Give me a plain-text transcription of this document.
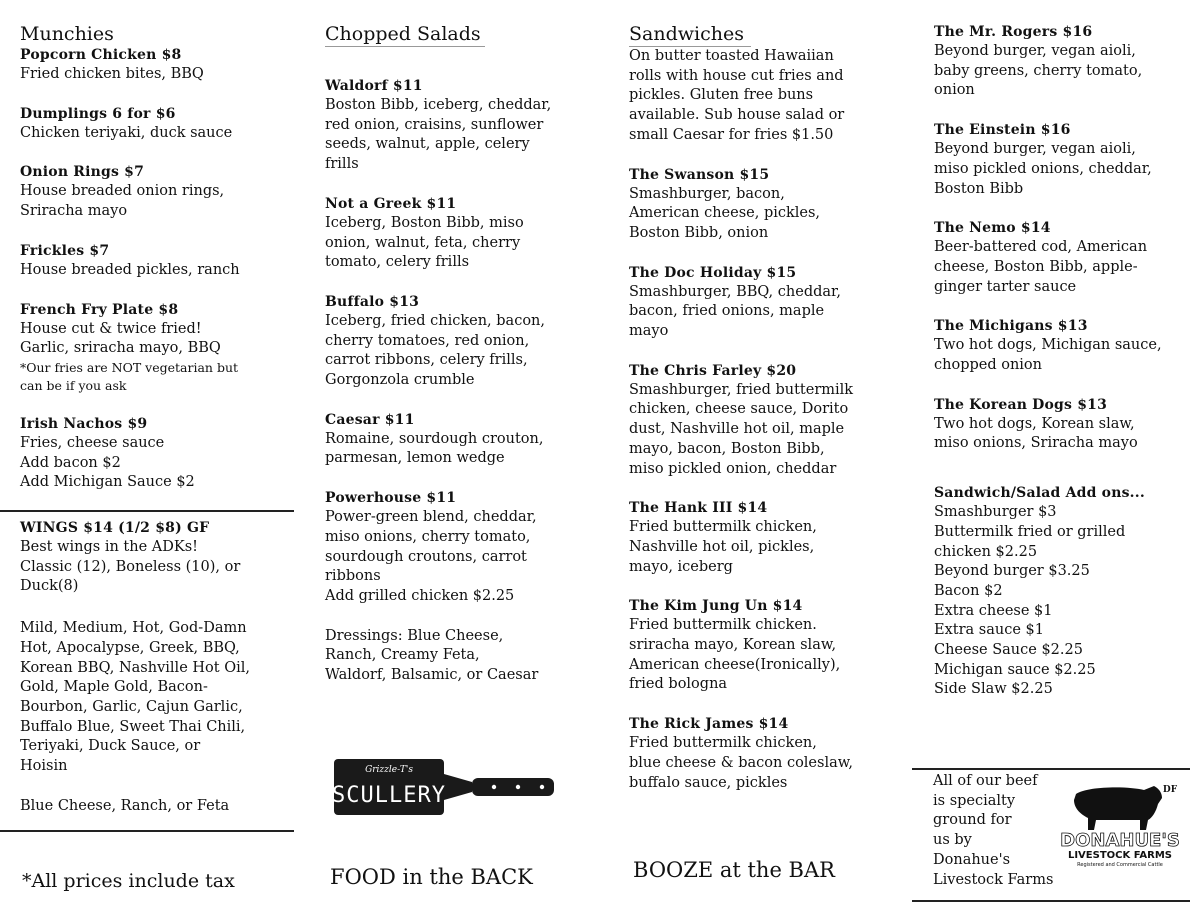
Munchies
Popcorn Chicken $8
Fried chicken bites, BBQ
Dumplings 6 for $6
Chicken teriyaki, duck sauce
Onion Rings $7
House breaded onion rings,
Sriracha mayo
Frickles $7
House breaded pickles, ranch
French Fry Plate $8
House cut & twice fried!
Garlic, sriracha mayo, BBQ
*Our fries are NOT vegetarian but
can be if you ask
Irish Nachos $9
Fries, cheese sauce
Add bacon $2
Add Michigan Sauce $2
WINGS $14 (1/2 $8) GF
Best wings in the ADKs!
Classic (12), Boneless (10), or
Duck(8)
Mild, Medium, Hot, God-Damn
Hot, Apocalypse, Greek, BBQ,
Korean BBQ, Nashville Hot Oil,
Gold, Maple Gold, Bacon-
Bourbon, Garlic, Cajun Garlic,
Buffalo Blue, Sweet Thai Chili,
Teriyaki, Duck Sauce, or
Hoisin
Blue Cheese, Ranch, or Feta
Chopped Salads
Waldorf $11
Boston Bibb, iceberg, cheddar,
red onion, craisins, sunflower
seeds, walnut, apple, celery
frills
Not a Greek $11
Iceberg, Boston Bibb, miso
onion, walnut, feta, cherry
tomato, celery frills
Buffalo $13
Iceberg, fried chicken, bacon,
cherry tomatoes, red onion,
carrot ribbons, celery frills,
Gorgonzola crumble
Caesar $11
Romaine, sourdough crouton,
parmesan, lemon wedge
Powerhouse $11
Power-green blend, cheddar,
miso onions, cherry tomato,
sourdough croutons, carrot
ribbons
Add grilled chicken $2.25
Dressings: Blue Cheese,
Ranch, Creamy Feta,
Waldorf, Balsamic, or Caesar
Grizzle-T's
SCULLERY
Sandwiches
On butter toasted Hawaiian
rolls with house cut fries and
pickles. Gluten free buns
available. Sub house salad or
small Caesar for fries $1.50
The Swanson $15
Smashburger, bacon,
American cheese, pickles,
Boston Bibb, onion
The Doc Holiday $15
Smashburger, BBQ, cheddar,
bacon, fried onions, maple
mayo
The Chris Farley $20
Smashburger, fried buttermilk
chicken, cheese sauce, Dorito
dust, Nashville hot oil, maple
mayo, bacon, Boston Bibb,
miso pickled onion, cheddar
The Hank III $14
Fried buttermilk chicken,
Nashville hot oil, pickles,
mayo, iceberg
The Kim Jung Un $14
Fried buttermilk chicken.
sriracha mayo, Korean slaw,
American cheese(Ironically),
fried bologna
The Rick James $14
Fried buttermilk chicken,
blue cheese & bacon coleslaw,
buffalo sauce, pickles
The Mr. Rogers $16
Beyond burger, vegan aioli,
baby greens, cherry tomato,
onion
The Einstein $16
Beyond burger, vegan aioli,
miso pickled onions, cheddar,
Boston Bibb
The Nemo $14
Beer-battered cod, American
cheese, Boston Bibb, apple-
ginger tarter sauce
The Michigans $13
Two hot dogs, Michigan sauce,
chopped onion
The Korean Dogs $13
Two hot dogs, Korean slaw,
miso onions, Sriracha mayo
Sandwich/Salad Add ons...
Smashburger $3
Buttermilk fried or grilled
chicken $2.25
Beyond burger $3.25
Bacon $2
Extra cheese $1
Extra sauce $1
Cheese Sauce $2.25
Michigan sauce $2.25
Side Slaw $2.25
All of our beef
is specialty
ground for
us by
Donahue's
Livestock Farms
DF
DONAHUE'S
LIVESTOCK FARMS
Registered and Commercial Cattle
*All prices include tax	FOOD in the BACK	BOOZE at the BAR
